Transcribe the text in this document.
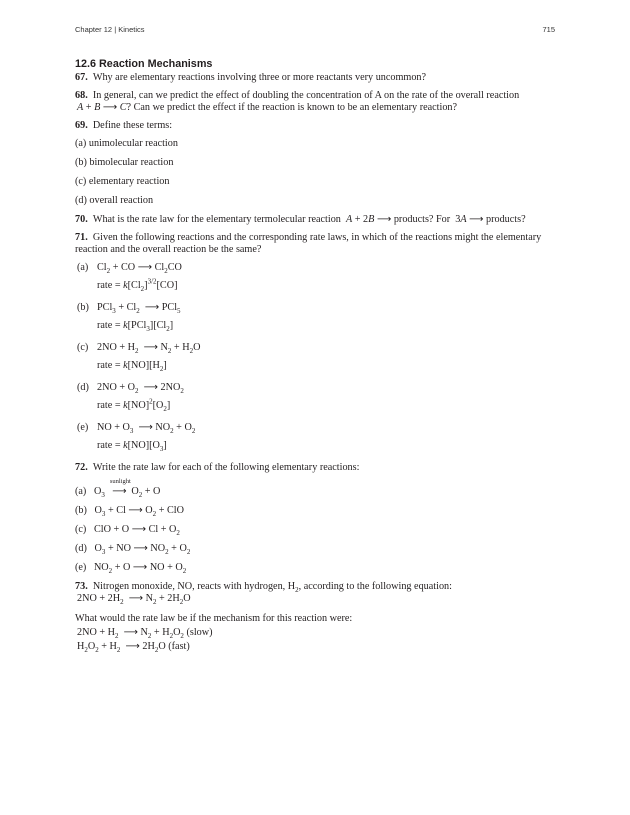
Chapter 12 | Kinetics	715
12.6 Reaction Mechanisms
67. Why are elementary reactions involving three or more reactants very uncommon?
68. In general, can we predict the effect of doubling the concentration of A on the rate of the overall reaction
A + B ⟶ C? Can we predict the effect if the reaction is known to be an elementary reaction?
69. Define these terms:
(a) unimolecular reaction
(b) bimolecular reaction
(c) elementary reaction
(d) overall reaction
70. What is the rate law for the elementary termolecular reaction A + 2B ⟶ products? For  3A ⟶ products?
71. Given the following reactions and the corresponding rate laws, in which of the reactions might the elementary reaction and the overall reaction be the same?
(a) $Cl_2$ + CO ⟶ $Cl_2CO$
rate = $k[Cl_2]^{3/2}[CO]$
(b) $PCl_3 + Cl_2$ ⟶ PCl$_5$
rate = $k[PCl_3][Cl_2]$
(c) $2NO + H_2$ ⟶ $N_2 + H_2O$
rate = $k[NO][H_2]$
(d) $2NO + O_2$ ⟶ $2NO_2$
rate = $k[NO]^2[O_2]$
(e) NO + $O_3$ ⟶ $NO_2 + O_2$
rate = $k[NO][O_3]$
72. Write the rate law for each of the following elementary reactions:
(a)   $O_3$
sunlight
⟶ $O_2 + O$
(b)   $O_3 + Cl$ ⟶ $O_2$ + ClO
(c)   ClO + O ⟶ $Cl + O_2$
(d)   $O_3$ + NO ⟶ $NO_2 + O_2$
(e)   $NO_2 + O$ ⟶ NO + $O_2$
73. Nitrogen monoxide, NO, reacts with hydrogen, $H_2$, according to the following equation:
$2NO + 2H_2$ ⟶ $N_2 + 2H_2O$
What would the rate law be if the mechanism for this reaction were:
$2NO + H_2$ ⟶ $N_2 + H_2O_2$ (slow)
$H_2O_2 + H_2$ ⟶ $2H_2O$ (fast)
